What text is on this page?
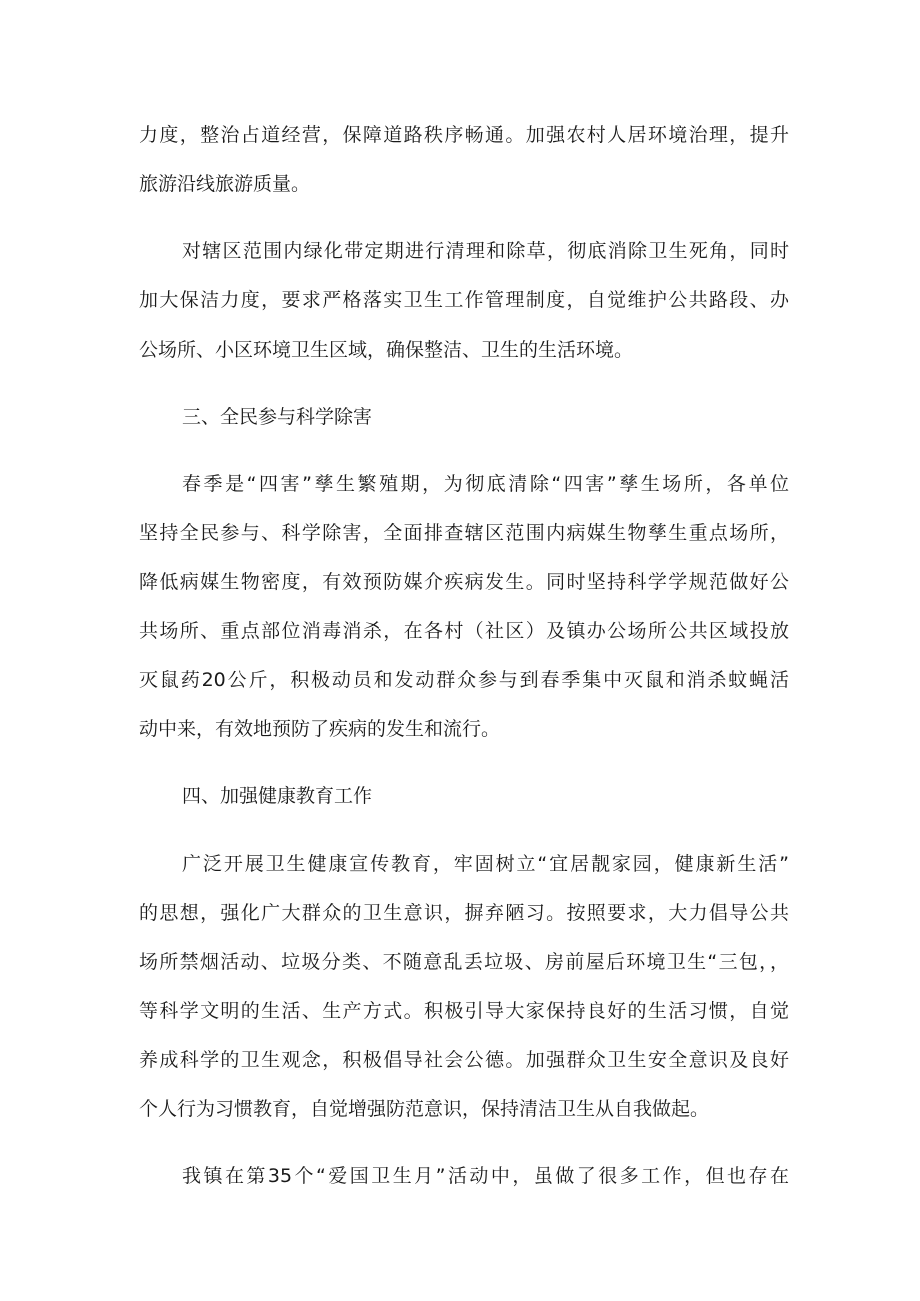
力度，整治占道经营，保障道路秩序畅通。加强农村人居环境治理，提升
旅游沿线旅游质量。
对辖区范围内绿化带定期进行清理和除草，彻底消除卫生死角，同时
加大保洁力度，要求严格落实卫生工作管理制度，自觉维护公共路段、办
公场所、小区环境卫生区域，确保整洁、卫生的生活环境。
三、全民参与科学除害
春季是“四害”孳生繁殖期，为彻底清除“四害”孳生场所，各单位
坚持全民参与、科学除害，全面排查辖区范围内病媒生物孳生重点场所，
降低病媒生物密度，有效预防媒介疾病发生。同时坚持科学学规范做好公
共场所、重点部位消毒消杀，在各村（社区）及镇办公场所公共区域投放
灭鼠药20公斤，积极动员和发动群众参与到春季集中灭鼠和消杀蚊蝇活
动中来，有效地预防了疾病的发生和流行。
四、加强健康教育工作
广泛开展卫生健康宣传教育，牢固树立“宜居靓家园，健康新生活”
的思想，强化广大群众的卫生意识，摒弃陋习。按照要求，大力倡导公共
场所禁烟活动、垃圾分类、不随意乱丢垃圾、房前屋后环境卫生“三包，，
等科学文明的生活、生产方式。积极引导大家保持良好的生活习惯，自觉
养成科学的卫生观念，积极倡导社会公德。加强群众卫生安全意识及良好
个人行为习惯教育，自觉增强防范意识，保持清洁卫生从自我做起。
我镇在第35个“爱国卫生月”活动中，虽做了很多工作，但也存在
